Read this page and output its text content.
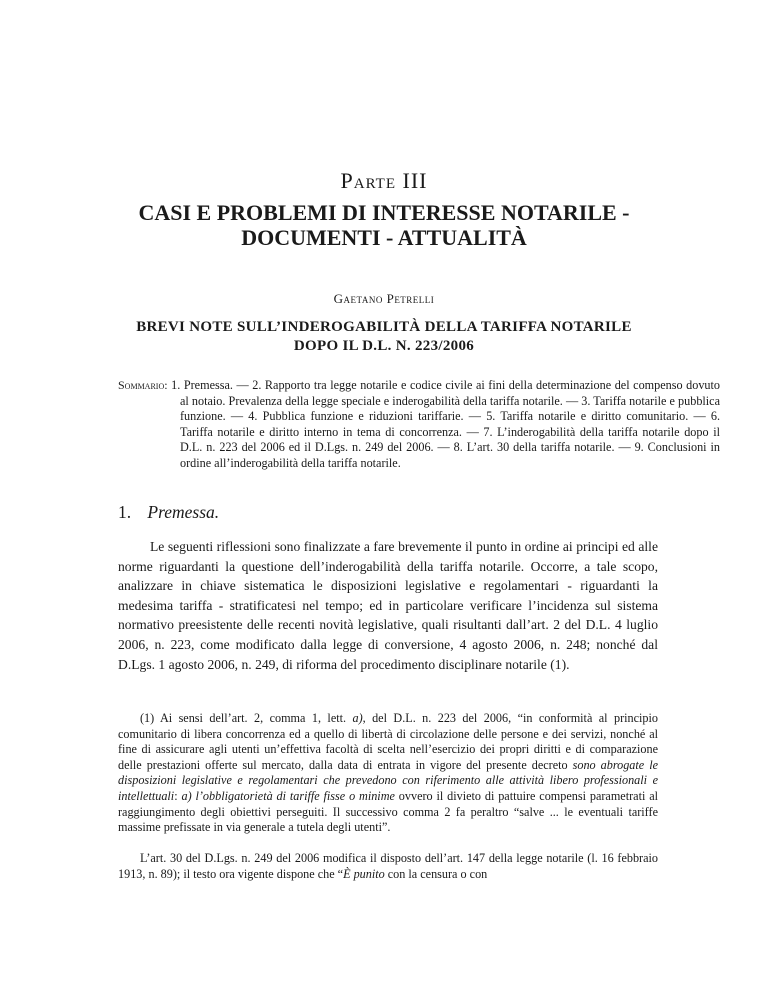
Parte III
CASI E PROBLEMI DI INTERESSE NOTARILE -
DOCUMENTI - ATTUALITÀ
Gaetano Petrelli
BREVI NOTE SULL’INDEROGABILITÀ DELLA TARIFFA NOTARILE
DOPO IL D.L. N. 223/2006

Sommario: 1. Premessa. — 2. Rapporto tra legge notarile e codice civile ai fini della determinazione del compenso dovuto al notaio. Prevalenza della legge speciale e inderogabilità della tariffa notarile. — 3. Tariffa notarile e pubblica funzione. — 4. Pubblica funzione e riduzioni tariffarie. — 5. Tariffa notarile e diritto comunitario. — 6. Tariffa notarile e diritto interno in tema di concorrenza. — 7. L’inderogabilità della tariffa notarile dopo il D.L. n. 223 del 2006 ed il D.Lgs. n. 249 del 2006. — 8. L’art. 30 della tariffa notarile. — 9. Conclusioni in ordine all’inderogabilità della tariffa notarile.

1. Premessa.

Le seguenti riflessioni sono finalizzate a fare brevemente il punto in ordine ai principi ed alle norme riguardanti la questione dell’inderogabilità della tariffa notarile. Occorre, a tale scopo, analizzare in chiave sistematica le disposizioni legislative e regolamentari - riguardanti la medesima tariffa - stratificatesi nel tempo; ed in particolare verificare l’incidenza sul sistema normativo preesistente delle recenti novità legislative, quali risultanti dall’art. 2 del D.L. 4 luglio 2006, n. 223, come modificato dalla legge di conversione, 4 agosto 2006, n. 248; nonché dal D.Lgs. 1 agosto 2006, n. 249, di riforma del procedimento disciplinare notarile (1).

(1) Ai sensi dell’art. 2, comma 1, lett. a), del D.L. n. 223 del 2006, “in conformità al principio comunitario di libera concorrenza ed a quello di libertà di circolazione delle persone e dei servizi, nonché al fine di assicurare agli utenti un’effettiva facoltà di scelta nell’esercizio dei propri diritti e di comparazione delle prestazioni offerte sul mercato, dalla data di entrata in vigore del presente decreto sono abrogate le disposizioni legislative e regolamentari che prevedono con riferimento alle attività libero professionali e intellettuali: a) l’obbligatorietà di tariffe fisse o minime ovvero il divieto di pattuire compensi parametrati al raggiungimento degli obiettivi perseguiti. Il successivo comma 2 fa peraltro “salve ... le eventuali tariffe massime prefissate in via generale a tutela degli utenti”.

L’art. 30 del D.Lgs. n. 249 del 2006 modifica il disposto dell’art. 147 della legge notarile (l. 16 febbraio 1913, n. 89); il testo ora vigente dispone che “È punito con la censura o con
